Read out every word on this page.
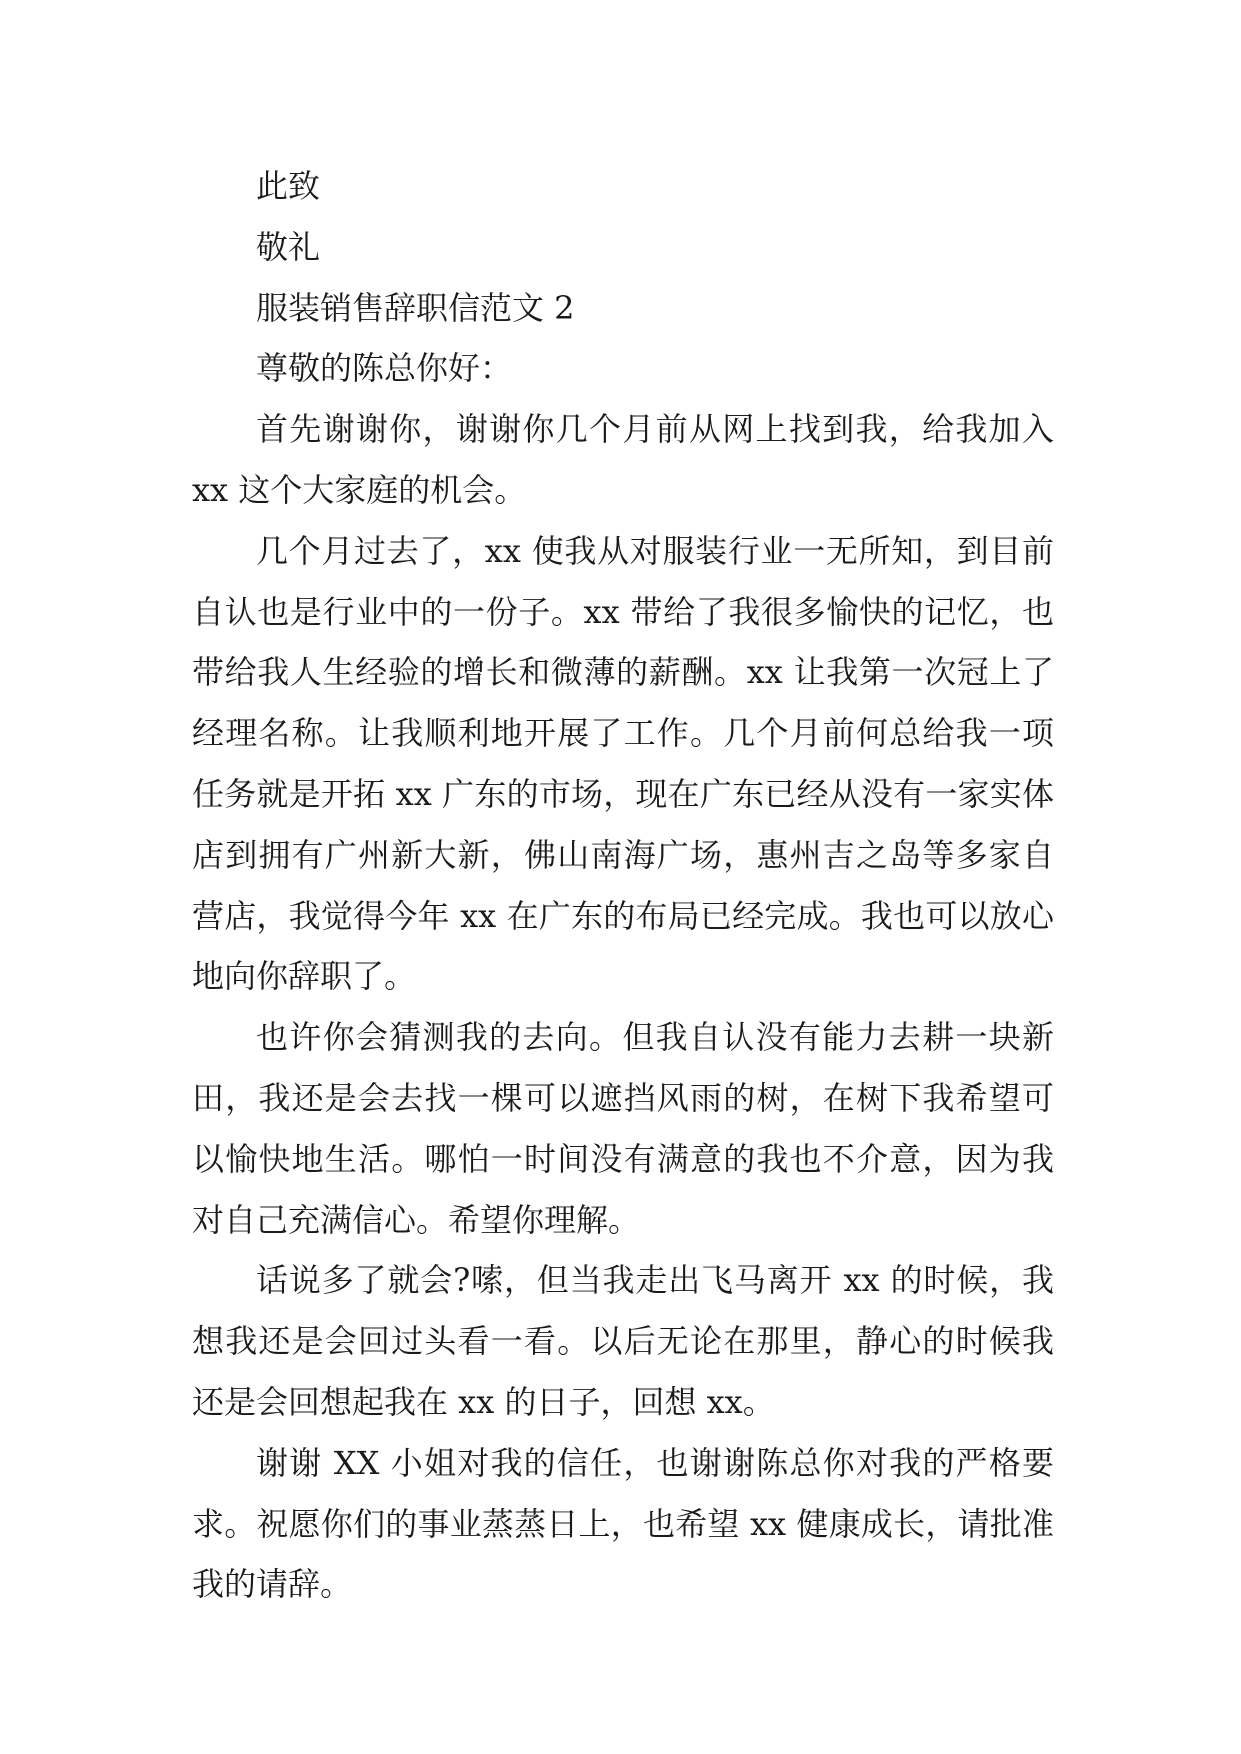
此致
敬礼
服装销售辞职信范文 2
尊敬的陈总你好：

首先谢谢你，谢谢你几个月前从网上找到我，给我加入 xx 这个大家庭的机会。

几个月过去了，xx 使我从对服装行业一无所知，到目前自认也是行业中的一份子。xx 带给了我很多愉快的记忆，也带给我人生经验的增长和微薄的薪酬。xx 让我第一次冠上了经理名称。让我顺利地开展了工作。几个月前何总给我一项任务就是开拓 xx 广东的市场，现在广东已经从没有一家实体店到拥有广州新大新，佛山南海广场，惠州吉之岛等多家自营店，我觉得今年 xx 在广东的布局已经完成。我也可以放心地向你辞职了。

也许你会猜测我的去向。但我自认没有能力去耕一块新田，我还是会去找一棵可以遮挡风雨的树，在树下我希望可以愉快地生活。哪怕一时间没有满意的我也不介意，因为我对自己充满信心。希望你理解。

话说多了就会?嗦，但当我走出飞马离开 xx 的时候，我想我还是会回过头看一看。以后无论在那里，静心的时候我还是会回想起我在 xx 的日子，回想 xx。

谢谢 XX 小姐对我的信任，也谢谢陈总你对我的严格要求。祝愿你们的事业蒸蒸日上，也希望 xx 健康成长，请批准我的请辞。
